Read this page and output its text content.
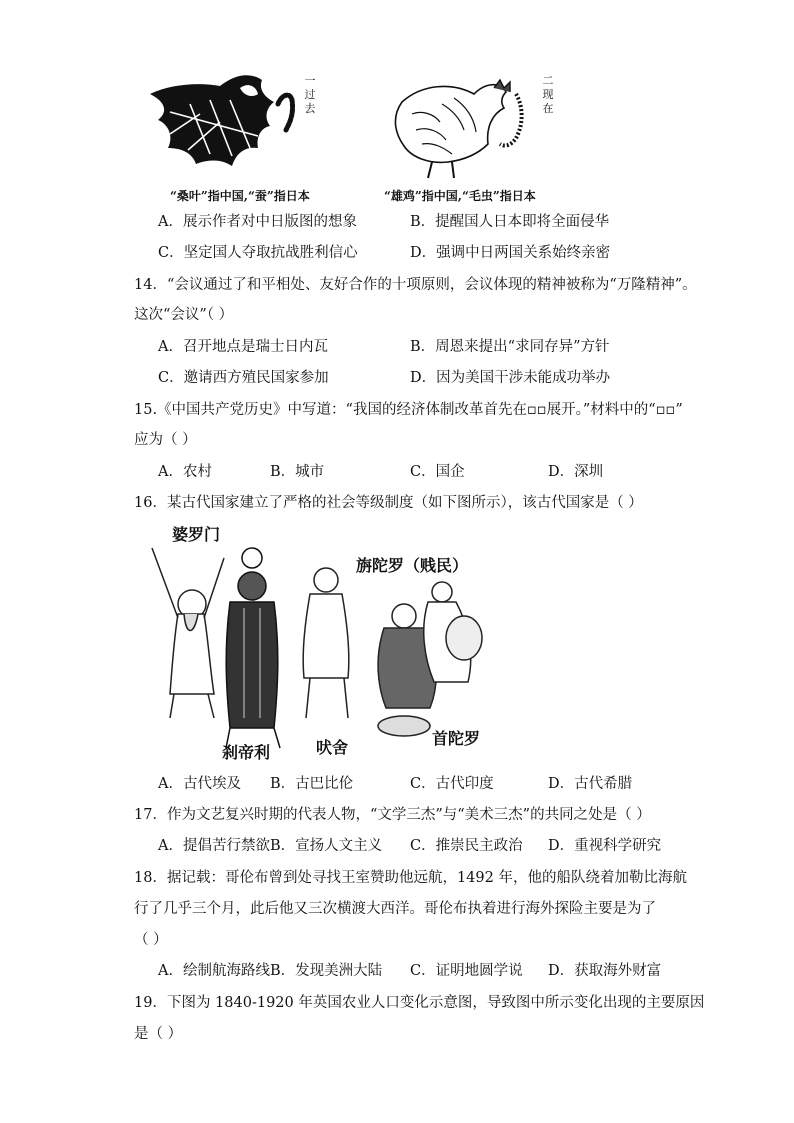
一过去
二现在
“桑叶”指中国,“蚕”指日本	“雄鸡”指中国,“毛虫”指日本
A．展示作者对中日版图的想象	B．提醒国人日本即将全面侵华
C．坚定国人夺取抗战胜利信心	D．强调中日两国关系始终亲密
14．“会议通过了和平相处、友好合作的十项原则，会议体现的精神被称为“万隆精神”。
这次“会议”（ ）
A．召开地点是瑞士日内瓦	B．周恩来提出“求同存异”方针
C．邀请西方殖民国家参加	D．因为美国干涉未能成功举办
15.《中国共产党历史》中写道：“我国的经济体制改革首先在▫▫展开。”材料中的“▫▫”
应为（ ）
A．农村	B．城市	C．国企	D．深圳
16．某古代国家建立了严格的社会等级制度（如下图所示），该古代国家是（ ）
婆罗门
旃陀罗（贱民）
刹帝利	吠舍	首陀罗
A．古代埃及 B．古巴比伦	C．古代印度	D．古代希腊
17．作为文艺复兴时期的代表人物，“文学三杰”与“美术三杰”的共同之处是（ ）
A．提倡苦行禁欲 B．宣扬人文主义 C．推崇民主政治 D．重视科学研究
18．据记载：哥伦布曾到处寻找王室赞助他远航，1492 年，他的船队绕着加勒比海航
行了几乎三个月，此后他又三次横渡大西洋。哥伦布执着进行海外探险主要是为了
（ ）
A．绘制航海路线 B．发现美洲大陆 C．证明地圆学说 D．获取海外财富
19．下图为 1840-1920 年英国农业人口变化示意图，导致图中所示变化出现的主要原因
是（ ）
